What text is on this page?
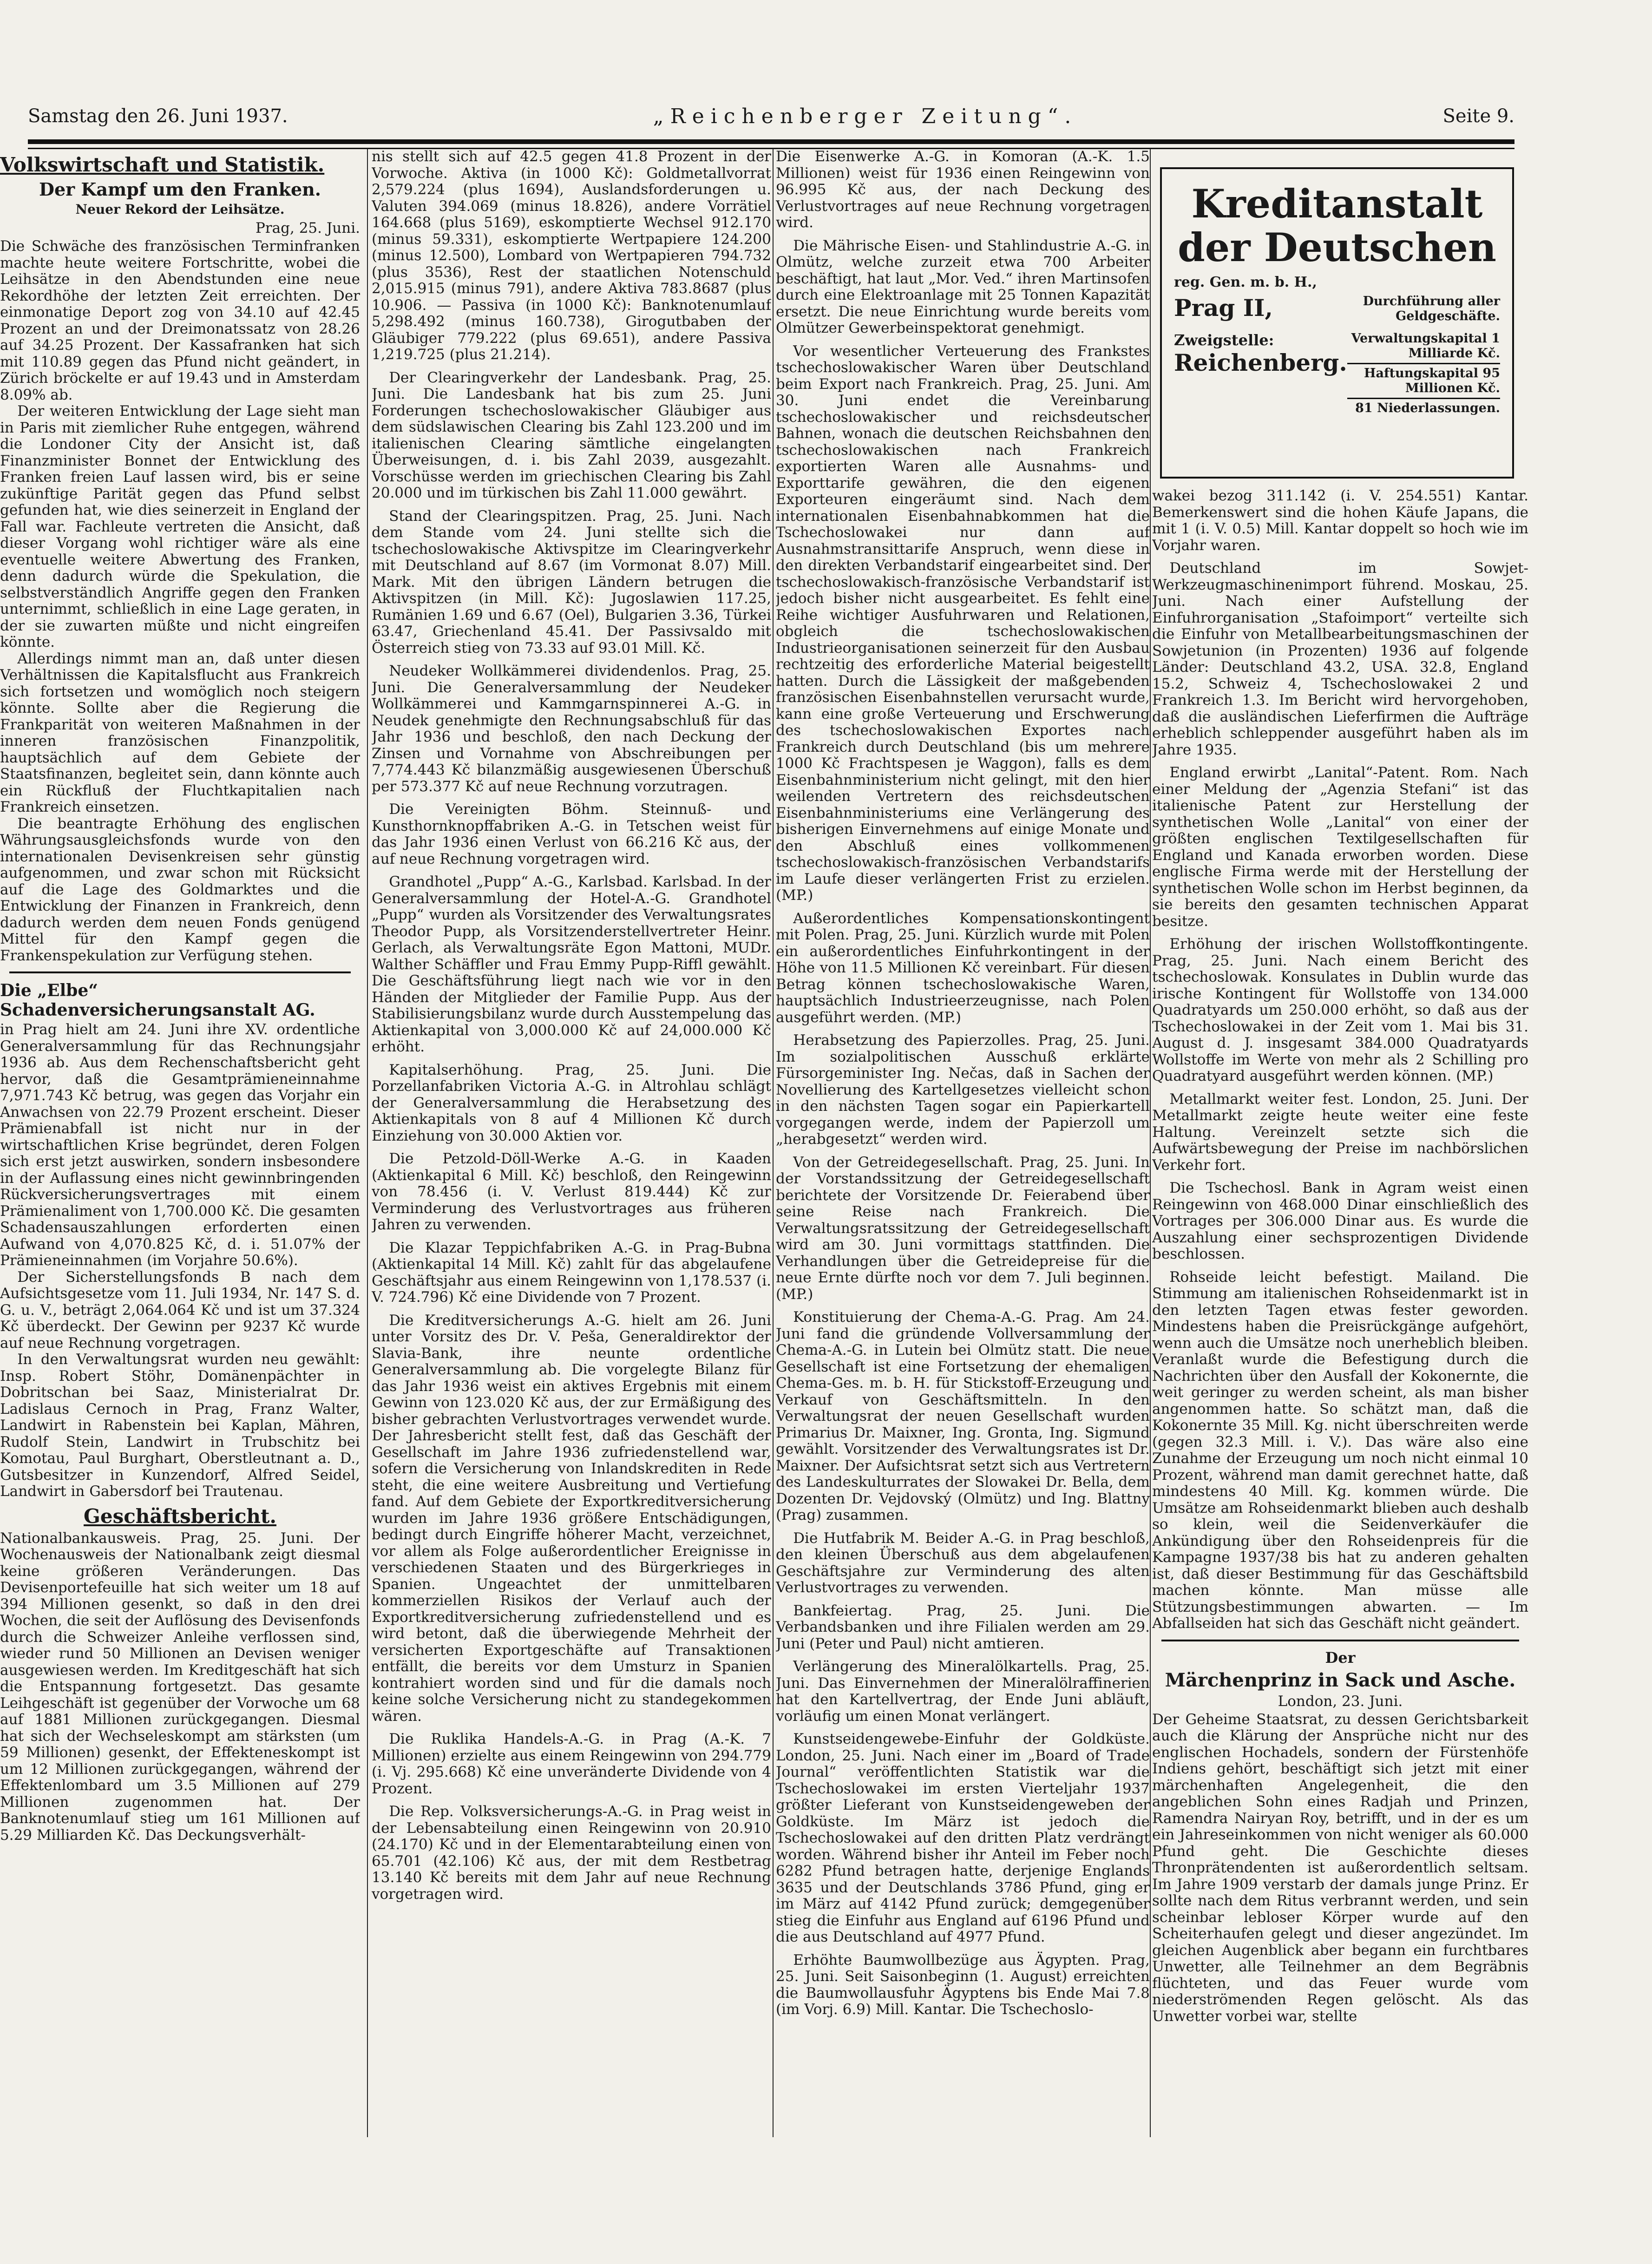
Samstag den 26. Juni 1937.	„Reichenberger Zeitung“.	Seite 9.
Volkswirtschaft und Statistik.
Der Kampf um den Franken.
Neuer Rekord der Leihsätze.
Prag, 25. Juni.

Die Schwäche des französischen Terminfranken machte heute weitere Fortschritte, wobei die Leihsätze in den Abendstunden eine neue Rekordhöhe der letzten Zeit erreichten. Der einmonatige Deport zog von 34.10 auf 42.45 Prozent an und der Dreimonatssatz von 28.26 auf 34.25 Prozent. Der Kassafranken hat sich mit 110.89 gegen das Pfund nicht geändert, in Zürich bröckelte er auf 19.43 und in Amsterdam 8.09% ab.

Der weiteren Entwicklung der Lage sieht man in Paris mit ziemlicher Ruhe entgegen, während die Londoner City der Ansicht ist, daß Finanzminister Bonnet der Entwicklung des Franken freien Lauf lassen wird, bis er seine zukünftige Parität gegen das Pfund selbst gefunden hat, wie dies seinerzeit in England der Fall war. Fachleute vertreten die Ansicht, daß dieser Vorgang wohl richtiger wäre als eine eventuelle weitere Abwertung des Franken, denn dadurch würde die Spekulation, die selbstverständlich Angriffe gegen den Franken unternimmt, schließlich in eine Lage geraten, in der sie zuwarten müßte und nicht eingreifen könnte.

Allerdings nimmt man an, daß unter diesen Verhältnissen die Kapitalsflucht aus Frankreich sich fortsetzen und womöglich noch steigern könnte. Sollte aber die Regierung die Frankparität von weiteren Maßnahmen in der inneren französischen Finanzpolitik, hauptsächlich auf dem Gebiete der Staatsfinanzen, begleitet sein, dann könnte auch ein Rückfluß der Fluchtkapitalien nach Frankreich einsetzen.

Die beantragte Erhöhung des englischen Währungsausgleichsfonds wurde von den internationalen Devisenkreisen sehr günstig aufgenommen, und zwar schon mit Rücksicht auf die Lage des Goldmarktes und die Entwicklung der Finanzen in Frankreich, denn dadurch werden dem neuen Fonds genügend Mittel für den Kampf gegen die Frankenspekulation zur Verfügung stehen.

Die „Elbe“ Schadenversicherungsanstalt AG.

in Prag hielt am 24. Juni ihre XV. ordentliche Generalversammlung für das Rechnungsjahr 1936 ab. Aus dem Rechenschaftsbericht geht hervor, daß die Gesamtprämieneinnahme 7,971.743 Kč betrug, was gegen das Vorjahr ein Anwachsen von 22.79 Prozent erscheint. Dieser Prämienabfall ist nicht nur in der wirtschaftlichen Krise begründet, deren Folgen sich erst jetzt auswirken, sondern insbesondere in der Auflassung eines nicht gewinnbringenden Rückversicherungsvertrages mit einem Prämienaliment von 1,700.000 Kč. Die gesamten Schadensauszahlungen erforderten einen Aufwand von 4,070.825 Kč, d. i. 51.07% der Prämieneinnahmen (im Vorjahre 50.6%).

Der Sicherstellungsfonds B nach dem Aufsichtsgesetze vom 11. Juli 1934, Nr. 147 S. d. G. u. V., beträgt 2,064.064 Kč und ist um 37.324 Kč überdeckt. Der Gewinn per 9237 Kč wurde auf neue Rechnung vorgetragen.

In den Verwaltungsrat wurden neu gewählt: Insp. Robert Stöhr, Domänenpächter in Dobritschan bei Saaz, Ministerialrat Dr. Ladislaus Cernoch in Prag, Franz Walter, Landwirt in Rabenstein bei Kaplan, Mähren, Rudolf Stein, Landwirt in Trubschitz bei Komotau, Paul Burghart, Oberstleutnant a. D., Gutsbesitzer in Kunzendorf, Alfred Seidel, Landwirt in Gabersdorf bei Trautenau.

Geschäftsbericht.

Nationalbankausweis. Prag, 25. Juni. Der Wochenausweis der Nationalbank zeigt diesmal keine größeren Veränderungen. Das Devisenportefeuille hat sich weiter um 18 auf 394 Millionen gesenkt, so daß in den drei Wochen, die seit der Auflösung des Devisenfonds durch die Schweizer Anleihe verflossen sind, wieder rund 50 Millionen an Devisen weniger ausgewiesen werden. Im Kreditgeschäft hat sich die Entspannung fortgesetzt. Das gesamte Leihgeschäft ist gegenüber der Vorwoche um 68 auf 1881 Millionen zurückgegangen. Diesmal hat sich der Wechseleskompt am stärksten (um 59 Millionen) gesenkt, der Effekteneskompt ist um 12 Millionen zurückgegangen, während der Effektenlombard um 3.5 Millionen auf 279 Millionen zugenommen hat. Der Banknotenumlauf stieg um 161 Millionen auf 5.29 Milliarden Kč. Das Deckungsverhält-

nis stellt sich auf 42.5 gegen 41.8 Prozent in der Vorwoche. Aktiva (in 1000 Kč): Goldmetallvorrat 2,579.224 (plus 1694), Auslandsforderungen u. Valuten 394.069 (minus 18.826), andere Vorrätiel 164.668 (plus 5169), eskomptierte Wechsel 912.170 (minus 59.331), eskomptierte Wertpapiere 124.200 (minus 12.500), Lombard von Wertpapieren 794.732 (plus 3536), Rest der staatlichen Notenschuld 2,015.915 (minus 791), andere Aktiva 783.8687 (plus 10.906. — Passiva (in 1000 Kč): Banknotenumlauf 5,298.492 (minus 160.738), Girogutbaben der Gläubiger 779.222 (plus 69.651), andere Passiva 1,219.725 (plus 21.214).

Der Clearingverkehr der Landesbank. Prag, 25. Juni. Die Landesbank hat bis zum 25. Juni Forderungen tschechoslowakischer Gläubiger aus dem südslawischen Clearing bis Zahl 123.200 und im italienischen Clearing sämtliche eingelangten Überweisungen, d. i. bis Zahl 2039, ausgezahlt. Vorschüsse werden im griechischen Clearing bis Zahl 20.000 und im türkischen bis Zahl 11.000 gewährt.

Stand der Clearingspitzen. Prag, 25. Juni. Nach dem Stande vom 24. Juni stellte sich die tschechoslowakische Aktivspitze im Clearingverkehr mit Deutschland auf 8.67 (im Vormonat 8.07) Mill. Mark. Mit den übrigen Ländern betrugen die Aktivspitzen (in Mill. Kč): Jugoslawien 117.25, Rumänien 1.69 und 6.67 (Oel), Bulgarien 3.36, Türkei 63.47, Griechenland 45.41. Der Passivsaldo mit Österreich stieg von 73.33 auf 93.01 Mill. Kč.

Neudeker Wollkämmerei dividendenlos. Prag, 25. Juni. Die Generalversammlung der Neudeker Wollkämmerei und Kammgarnspinnerei A.-G. in Neudek genehmigte den Rechnungsabschluß für das Jahr 1936 und beschloß, den nach Deckung der Zinsen und Vornahme von Abschreibungen per 7,774.443 Kč bilanzmäßig ausgewiesenen Überschuß per 573.377 Kč auf neue Rechnung vorzutragen.

Die Vereinigten Böhm. Steinnuß- und Kunsthornknopffabriken A.-G. in Tetschen weist für das Jahr 1936 einen Verlust von 66.216 Kč aus, der auf neue Rechnung vorgetragen wird.

Grandhotel „Pupp“ A.-G., Karlsbad. Karlsbad. In der Generalversammlung der Hotel-A.-G. Grandhotel „Pupp“ wurden als Vorsitzender des Verwaltungsrates Theodor Pupp, als Vorsitzenderstellvertreter Heinr. Gerlach, als Verwaltungsräte Egon Mattoni, MUDr. Walther Schäffler und Frau Emmy Pupp-Riffl gewählt. Die Geschäftsführung liegt nach wie vor in den Händen der Mitglieder der Familie Pupp. Aus der Stabilisierungsbilanz wurde durch Ausstempelung das Aktienkapital von 3,000.000 Kč auf 24,000.000 Kč erhöht.

Kapitalserhöhung. Prag, 25. Juni. Die Porzellanfabriken Victoria A.-G. in Altrohlau schlägt der Generalversammlung die Herabsetzung des Aktienkapitals von 8 auf 4 Millionen Kč durch Einziehung von 30.000 Aktien vor.

Die Petzold-Döll-Werke A.-G. in Kaaden (Aktienkapital 6 Mill. Kč) beschloß, den Reingewinn von 78.456 (i. V. Verlust 819.444) Kč zur Verminderung des Verlustvortrages aus früheren Jahren zu verwenden.

Die Klazar Teppichfabriken A.-G. in Prag-Bubna (Aktienkapital 14 Mill. Kč) zahlt für das abgelaufene Geschäftsjahr aus einem Reingewinn von 1,178.537 (i. V. 724.796) Kč eine Dividende von 7 Prozent.

Die Kreditversicherungs A.-G. hielt am 26. Juni unter Vorsitz des Dr. V. Peša, Generaldirektor der Slavia-Bank, ihre neunte ordentliche Generalversammlung ab. Die vorgelegte Bilanz für das Jahr 1936 weist ein aktives Ergebnis mit einem Gewinn von 123.020 Kč aus, der zur Ermäßigung des bisher gebrachten Verlustvortrages verwendet wurde. Der Jahresbericht stellt fest, daß das Geschäft der Gesellschaft im Jahre 1936 zufriedenstellend war, sofern die Versicherung von Inlandskrediten in Rede steht, die eine weitere Ausbreitung und Vertiefung fand. Auf dem Gebiete der Exportkreditversicherung wurden im Jahre 1936 größere Entschädigungen, bedingt durch Eingriffe höherer Macht, verzeichnet, vor allem als Folge außerordentlicher Ereignisse in verschiedenen Staaten und des Bürgerkrieges in Spanien. Ungeachtet der unmittelbaren kommerziellen Risikos der Verlauf auch der Exportkreditversicherung zufriedenstellend und es wird betont, daß die überwiegende Mehrheit der versicherten Exportgeschäfte auf Transaktionen entfällt, die bereits vor dem Umsturz in Spanien kontrahiert worden sind und für die damals noch keine solche Versicherung nicht zu standegekommen wären.

Die Ruklika Handels-A.-G. in Prag (A.-K. 7 Millionen) erzielte aus einem Reingewinn von 294.779 (i. Vj. 295.668) Kč eine unveränderte Dividende von 4 Prozent.

Die Rep. Volksversicherungs-A.-G. in Prag weist in der Lebensabteilung einen Reingewinn von 20.910 (24.170) Kč und in der Elementarabteilung einen von 65.701 (42.106) Kč aus, der mit dem Restbetrag 13.140 Kč bereits mit dem Jahr auf neue Rechnung vorgetragen wird.

Die Eisenwerke A.-G. in Komoran (A.-K. 1.5 Millionen) weist für 1936 einen Reingewinn von 96.995 Kč aus, der nach Deckung des Verlustvortrages auf neue Rechnung vorgetragen wird.

Die Mährische Eisen- und Stahlindustrie A.-G. in Olmütz, welche zurzeit etwa 700 Arbeiter beschäftigt, hat laut „Mor. Ved.“ ihren Martinsofen durch eine Elektroanlage mit 25 Tonnen Kapazität ersetzt. Die neue Einrichtung wurde bereits vom Olmützer Gewerbeinspektorat genehmigt.

Vor wesentlicher Verteuerung des Frankstes tschechoslowakischer Waren über Deutschland beim Export nach Frankreich. Prag, 25. Juni. Am 30. Juni endet die Vereinbarung tschechoslowakischer und reichsdeutscher Bahnen, wonach die deutschen Reichsbahnen den tschechoslowakischen nach Frankreich exportierten Waren alle Ausnahms- und Exporttarife gewähren, die den eigenen Exporteuren eingeräumt sind. Nach dem internationalen Eisenbahnabkommen hat die Tschechoslowakei nur dann auf Ausnahmstransittarife Anspruch, wenn diese in den direkten Verbandstarif eingearbeitet sind. Der tschechoslowakisch-französische Verbandstarif ist jedoch bisher nicht ausgearbeitet. Es fehlt eine Reihe wichtiger Ausfuhrwaren und Relationen, obgleich die tschechoslowakischen Industrieorganisationen seinerzeit für den Ausbau rechtzeitig des erforderliche Material beigestellt hatten. Durch die Lässigkeit der maßgebenden französischen Eisenbahnstellen verursacht wurde, kann eine große Verteuerung und Erschwerung des tschechoslowakischen Exportes nach Frankreich durch Deutschland (bis um mehrere 1000 Kč Frachtspesen je Waggon), falls es dem Eisenbahnministerium nicht gelingt, mit den hier weilenden Vertretern des reichsdeutschen Eisenbahnministeriums eine Verlängerung des bisherigen Einvernehmens auf einige Monate und den Abschluß eines vollkommenen tschechoslowakisch-französischen Verbandstarifs im Laufe dieser verlängerten Frist zu erzielen. (MP.)

Außerordentliches Kompensationskontingent mit Polen. Prag, 25. Juni. Kürzlich wurde mit Polen ein außerordentliches Einfuhrkontingent in der Höhe von 11.5 Millionen Kč vereinbart. Für diesen Betrag können tschechoslowakische Waren, hauptsächlich Industrieerzeugnisse, nach Polen ausgeführt werden. (MP.)

Herabsetzung des Papierzolles. Prag, 25. Juni. Im sozialpolitischen Ausschuß erklärte Fürsorgeminister Ing. Nečas, daß in Sachen der Novellierung des Kartellgesetzes vielleicht schon in den nächsten Tagen sogar ein Papierkartell vorgegangen werde, indem der Papierzoll um „herabgesetzt“ werden wird.

Von der Getreidegesellschaft. Prag, 25. Juni. In der Vorstandssitzung der Getreidegesellschaft berichtete der Vorsitzende Dr. Feierabend über seine Reise nach Frankreich. Die Verwaltungsratssitzung der Getreidegesellschaft wird am 30. Juni vormittags stattfinden. Die Verhandlungen über die Getreidepreise für die neue Ernte dürfte noch vor dem 7. Juli beginnen. (MP.)

Konstituierung der Chema-A.-G. Prag. Am 24. Juni fand die gründende Vollversammlung der Chema-A.-G. in Lutein bei Olmütz statt. Die neue Gesellschaft ist eine Fortsetzung der ehemaligen Chema-Ges. m. b. H. für Stickstoff-Erzeugung und Verkauf von Geschäftsmitteln. In den Verwaltungsrat der neuen Gesellschaft wurden Primarius Dr. Maixner, Ing. Gronta, Ing. Sigmund gewählt. Vorsitzender des Verwaltungsrates ist Dr. Maixner. Der Aufsichtsrat setzt sich aus Vertretern des Landeskulturrates der Slowakei Dr. Bella, dem Dozenten Dr. Vejdovský (Olmütz) und Ing. Blattny (Prag) zusammen.

Die Hutfabrik M. Beider A.-G. in Prag beschloß, den kleinen Überschuß aus dem abgelaufenen Geschäftsjahre zur Verminderung des alten Verlustvortrages zu verwenden.

Bankfeiertag. Prag, 25. Juni. Die Verbandsbanken und ihre Filialen werden am 29. Juni (Peter und Paul) nicht amtieren.

Verlängerung des Mineralölkartells. Prag, 25. Juni. Das Einvernehmen der Mineralölraffinerien hat den Kartellvertrag, der Ende Juni abläuft, vorläufig um einen Monat verlängert.

Kunstseidengewebe-Einfuhr der Goldküste. London, 25. Juni. Nach einer im „Board of Trade Journal“ veröffentlichten Statistik war die Tschechoslowakei im ersten Vierteljahr 1937 größter Lieferant von Kunstseidengeweben der Goldküste. Im März ist jedoch die Tschechoslowakei auf den dritten Platz verdrängt worden. Während bisher ihr Anteil im Feber noch 6282 Pfund betragen hatte, derjenige Englands 3635 und der Deutschlands 3786 Pfund, ging er im März auf 4142 Pfund zurück; demgegenüber stieg die Einfuhr aus England auf 6196 Pfund und die aus Deutschland auf 4977 Pfund.

Erhöhte Baumwollbezüge aus Ägypten. Prag, 25. Juni. Seit Saisonbeginn (1. August) erreichten die Baumwollausfuhr Ägyptens bis Ende Mai 7.8 (im Vorj. 6.9) Mill. Kantar. Die Tschechoslo-

Kreditanstalt

der Deutschen

reg. Gen. m. b. H.,
Prag II,	Durchführung aller Geldgeschäfte.
Zweigstelle:
Reichenberg.
Verwaltungskapital 1 Milliarde Kč.
Haftungskapital 95 Millionen Kč.
81 Niederlassungen.

wakei bezog 311.142 (i. V. 254.551) Kantar. Bemerkenswert sind die hohen Käufe Japans, die mit 1 (i. V. 0.5) Mill. Kantar doppelt so hoch wie im Vorjahr waren.

Deutschland im Sowjet-Werkzeugmaschinenimport führend. Moskau, 25. Juni. Nach einer Aufstellung der Einfuhrorganisation „Stafoimport“ verteilte sich die Einfuhr von Metallbearbeitungsmaschinen der Sowjetunion (in Prozenten) 1936 auf folgende Länder: Deutschland 43.2, USA. 32.8, England 15.2, Schweiz 4, Tschechoslowakei 2 und Frankreich 1.3. Im Bericht wird hervorgehoben, daß die ausländischen Lieferfirmen die Aufträge erheblich schleppender ausgeführt haben als im Jahre 1935.

England erwirbt „Lanital“-Patent. Rom. Nach einer Meldung der „Agenzia Stefani“ ist das italienische Patent zur Herstellung der synthetischen Wolle „Lanital“ von einer der größten englischen Textilgesellschaften für England und Kanada erworben worden. Diese englische Firma werde mit der Herstellung der synthetischen Wolle schon im Herbst beginnen, da sie bereits den gesamten technischen Apparat besitze.

Erhöhung der irischen Wollstoffkontingente. Prag, 25. Juni. Nach einem Bericht des tschechoslowak. Konsulates in Dublin wurde das irische Kontingent für Wollstoffe von 134.000 Quadratyards um 250.000 erhöht, so daß aus der Tschechoslowakei in der Zeit vom 1. Mai bis 31. August d. J. insgesamt 384.000 Quadratyards Wollstoffe im Werte von mehr als 2 Schilling pro Quadratyard ausgeführt werden können. (MP.)

Metallmarkt weiter fest. London, 25. Juni. Der Metallmarkt zeigte heute weiter eine feste Haltung. Vereinzelt setzte sich die Aufwärtsbewegung der Preise im nachbörslichen Verkehr fort.

Die Tschechosl. Bank in Agram weist einen Reingewinn von 468.000 Dinar einschließlich des Vortrages per 306.000 Dinar aus. Es wurde die Auszahlung einer sechsprozentigen Dividende beschlossen.

Rohseide leicht befestigt. Mailand. Die Stimmung am italienischen Rohseidenmarkt ist in den letzten Tagen etwas fester geworden. Mindestens haben die Preisrückgänge aufgehört, wenn auch die Umsätze noch unerheblich bleiben. Veranlaßt wurde die Befestigung durch die Nachrichten über den Ausfall der Kokonernte, die weit geringer zu werden scheint, als man bisher angenommen hatte. So schätzt man, daß die Kokonernte 35 Mill. Kg. nicht überschreiten werde (gegen 32.3 Mill. i. V.). Das wäre also eine Zunahme der Erzeugung um noch nicht einmal 10 Prozent, während man damit gerechnet hatte, daß mindestens 40 Mill. Kg. kommen würde. Die Umsätze am Rohseidenmarkt blieben auch deshalb so klein, weil die Seidenverkäufer die Ankündigung über den Rohseidenpreis für die Kampagne 1937/38 bis hat zu anderen gehalten ist, daß dieser Bestimmung für das Geschäftsbild machen könnte. Man müsse alle Stützungsbestimmungen abwarten. — Im Abfallseiden hat sich das Geschäft nicht geändert.

Der
Märchenprinz in Sack und Asche.
London, 23. Juni.

Der Geheime Staatsrat, zu dessen Gerichtsbarkeit auch die Klärung der Ansprüche nicht nur des englischen Hochadels, sondern der Fürstenhöfe Indiens gehört, beschäftigt sich jetzt mit einer märchenhaften Angelegenheit, die den angeblichen Sohn eines Radjah und Prinzen, Ramendra Nairyan Roy, betrifft, und in der es um ein Jahreseinkommen von nicht weniger als 60.000 Pfund geht. Die Geschichte dieses Thronprätendenten ist außerordentlich seltsam. Im Jahre 1909 verstarb der damals junge Prinz. Er sollte nach dem Ritus verbrannt werden, und sein scheinbar lebloser Körper wurde auf den Scheiterhaufen gelegt und dieser angezündet. Im gleichen Augenblick aber begann ein furchtbares Unwetter, alle Teilnehmer an dem Begräbnis flüchteten, und das Feuer wurde vom niederströmenden Regen gelöscht. Als das Unwetter vorbei war, stellte
